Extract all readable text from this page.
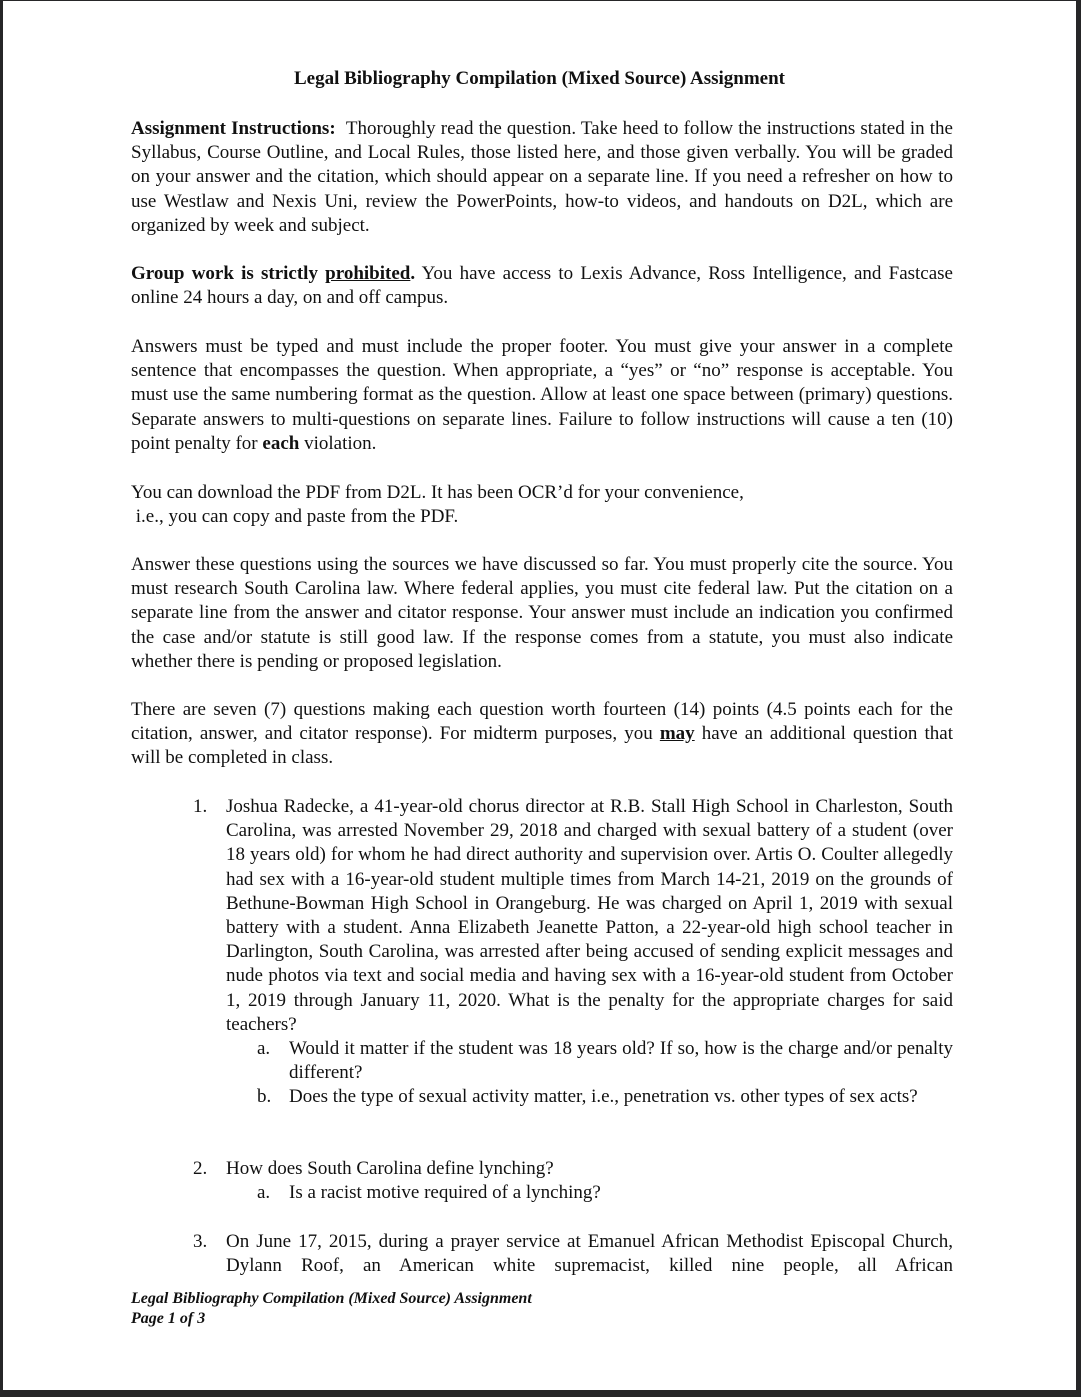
Legal Bibliography Compilation (Mixed Source) Assignment
Assignment Instructions: Thoroughly read the question. Take heed to follow the instructions stated in the Syllabus, Course Outline, and Local Rules, those listed here, and those given verbally. You will be graded on your answer and the citation, which should appear on a separate line. If you need a refresher on how to use Westlaw and Nexis Uni, review the PowerPoints, how-to videos, and handouts on D2L, which are organized by week and subject.
Group work is strictly prohibited. You have access to Lexis Advance, Ross Intelligence, and Fastcase online 24 hours a day, on and off campus.
Answers must be typed and must include the proper footer. You must give your answer in a complete sentence that encompasses the question. When appropriate, a “yes” or “no” response is acceptable. You must use the same numbering format as the question. Allow at least one space between (primary) questions. Separate answers to multi-questions on separate lines. Failure to follow instructions will cause a ten (10) point penalty for each violation.
You can download the PDF from D2L. It has been OCR’d for your convenience,
i.e., you can copy and paste from the PDF.
Answer these questions using the sources we have discussed so far. You must properly cite the source. You must research South Carolina law. Where federal applies, you must cite federal law. Put the citation on a separate line from the answer and citator response. Your answer must include an indication you confirmed the case and/or statute is still good law. If the response comes from a statute, you must also indicate whether there is pending or proposed legislation.
There are seven (7) questions making each question worth fourteen (14) points (4.5 points each for the citation, answer, and citator response). For midterm purposes, you may have an additional question that will be completed in class.
1. Joshua Radecke, a 41-year-old chorus director at R.B. Stall High School in Charleston, South Carolina, was arrested November 29, 2018 and charged with sexual battery of a student (over 18 years old) for whom he had direct authority and supervision over. Artis O. Coulter allegedly had sex with a 16-year-old student multiple times from March 14-21, 2019 on the grounds of Bethune-Bowman High School in Orangeburg. He was charged on April 1, 2019 with sexual battery with a student. Anna Elizabeth Jeanette Patton, a 22-year-old high school teacher in Darlington, South Carolina, was arrested after being accused of sending explicit messages and nude photos via text and social media and having sex with a 16-year-old student from October 1, 2019 through January 11, 2020. What is the penalty for the appropriate charges for said teachers?
a. Would it matter if the student was 18 years old? If so, how is the charge and/or penalty different?
b. Does the type of sexual activity matter, i.e., penetration vs. other types of sex acts?
2. How does South Carolina define lynching?
a. Is a racist motive required of a lynching?
3. On June 17, 2015, during a prayer service at Emanuel African Methodist Episcopal Church, Dylann Roof, an American white supremacist, killed nine people, all African
Legal Bibliography Compilation (Mixed Source) Assignment
Page 1 of 3
